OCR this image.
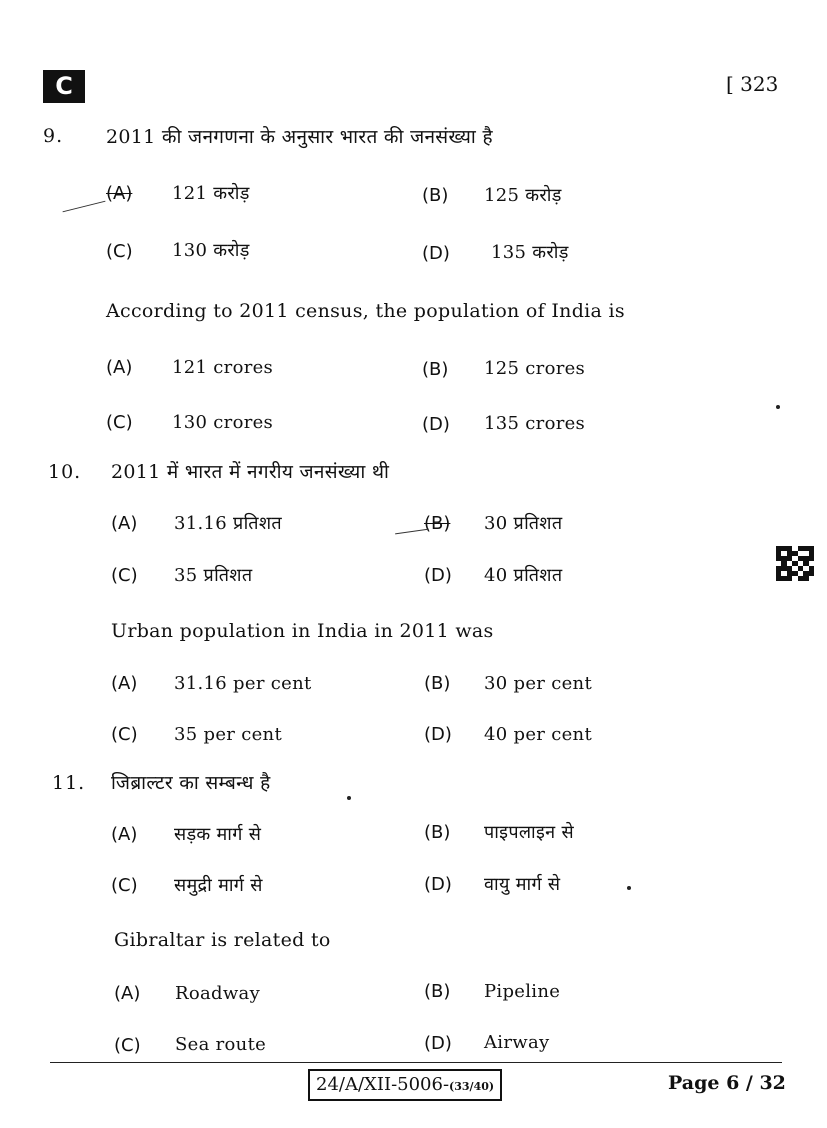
C	[ 323
9. 2011 की जनगणना के अनुसार भारत की जनसंख्या है
(A) 121 करोड़	(B) 125 करोड़
(C) 130 करोड़	(D) 135 करोड़
According to 2011 census, the population of India is
(A) 121 crores	(B) 125 crores
(C) 130 crores	(D) 135 crores
10. 2011 में भारत में नगरीय जनसंख्या थी
(A) 31.16 प्रतिशत	(B) 30 प्रतिशत
(C) 35 प्रतिशत	(D) 40 प्रतिशत
Urban population in India in 2011 was
(A) 31.16 per cent	(B) 30 per cent
(C) 35 per cent	(D) 40 per cent
11. जिब्राल्टर का सम्बन्ध है
(A) सड़क मार्ग से	(B) पाइपलाइन से
(C) समुद्री मार्ग से	(D) वायु मार्ग से
Gibraltar is related to
(A) Roadway	(B) Pipeline
(C) Sea route	(D) Airway
24/A/XII-5006-(33/40)	Page 6 / 32
